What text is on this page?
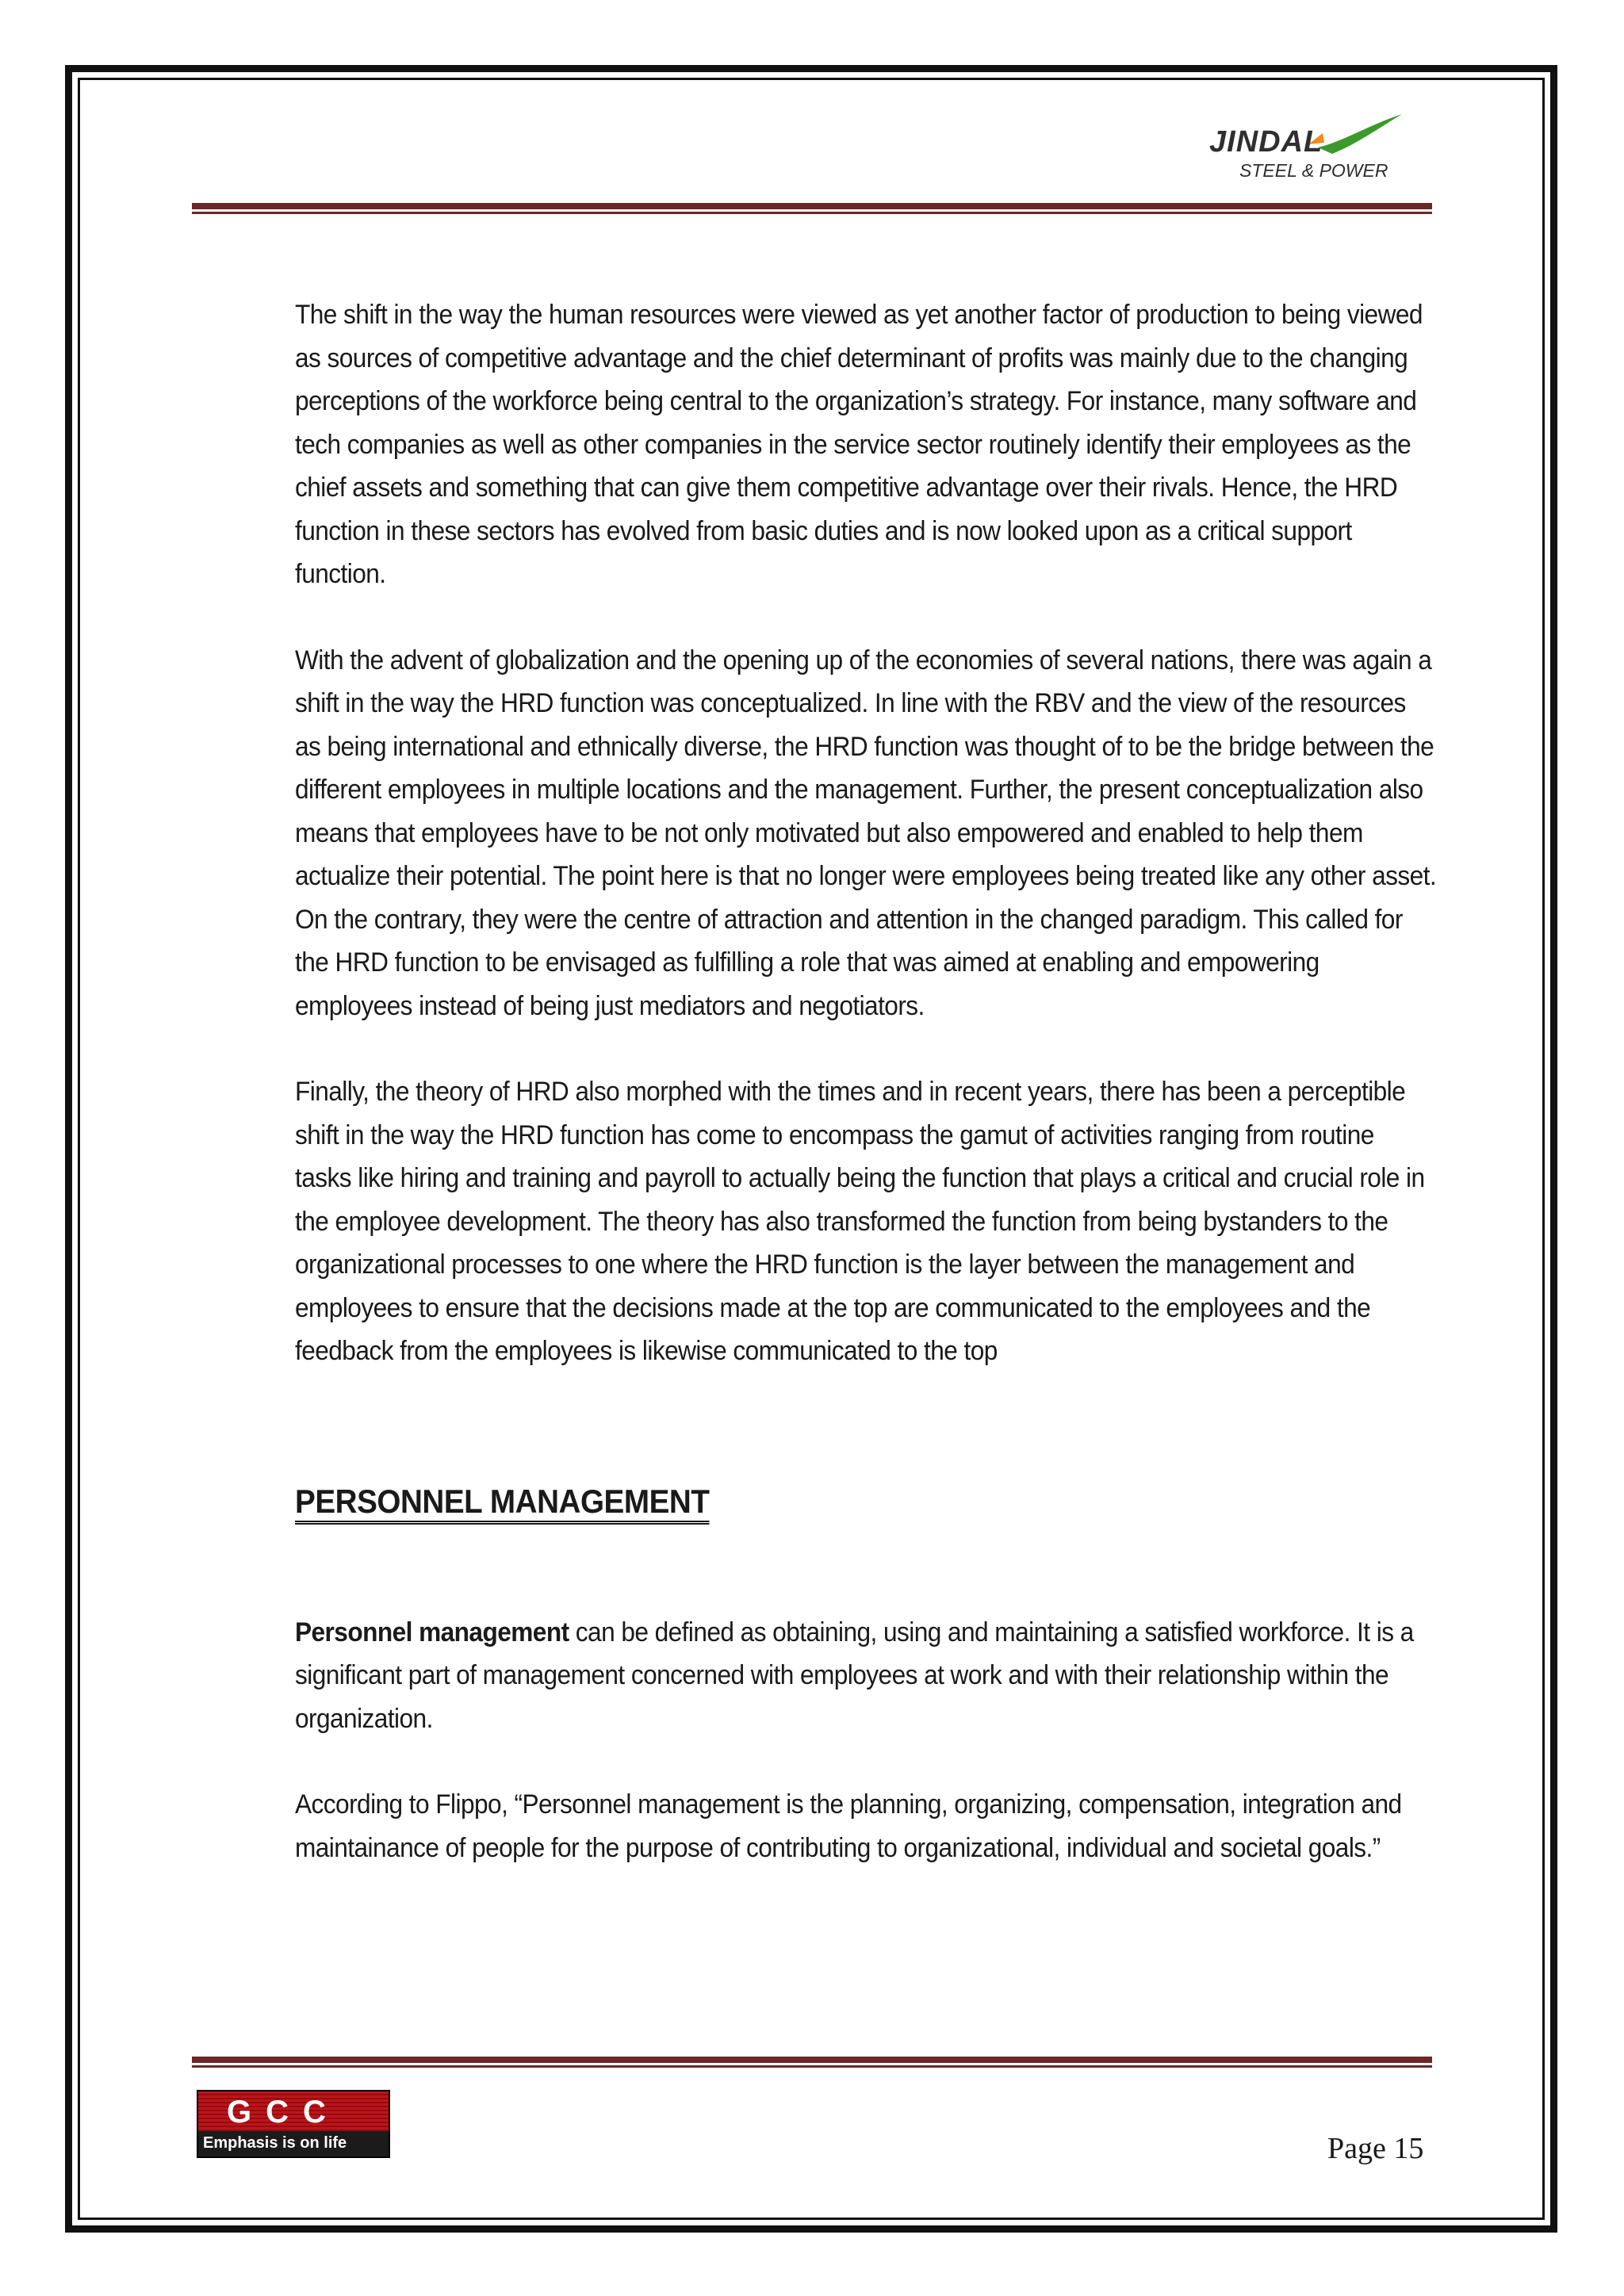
JINDAL
STEEL & POWER

The shift in the way the human resources were viewed as yet another factor of production to being viewed as sources of competitive advantage and the chief determinant of profits was mainly due to the changing perceptions of the workforce being central to the organization’s strategy. For instance, many software and tech companies as well as other companies in the service sector routinely identify their employees as the chief assets and something that can give them competitive advantage over their rivals. Hence, the HRD function in these sectors has evolved from basic duties and is now looked upon as a critical support function.

With the advent of globalization and the opening up of the economies of several nations, there was again a shift in the way the HRD function was conceptualized. In line with the RBV and the view of the resources as being international and ethnically diverse, the HRD function was thought of to be the bridge between the different employees in multiple locations and the management. Further, the present conceptualization also means that employees have to be not only motivated but also empowered and enabled to help them actualize their potential. The point here is that no longer were employees being treated like any other asset. On the contrary, they were the centre of attraction and attention in the changed paradigm. This called for the HRD function to be envisaged as fulfilling a role that was aimed at enabling and empowering employees instead of being just mediators and negotiators.

Finally, the theory of HRD also morphed with the times and in recent years, there has been a perceptible shift in the way the HRD function has come to encompass the gamut of activities ranging from routine tasks like hiring and training and payroll to actually being the function that plays a critical and crucial role in the employee development. The theory has also transformed the function from being bystanders to the organizational processes to one where the HRD function is the layer between the management and employees to ensure that the decisions made at the top are communicated to the employees and the feedback from the employees is likewise communicated to the top

PERSONNEL MANAGEMENT

Personnel management can be defined as obtaining, using and maintaining a satisfied workforce. It is a significant part of management concerned with employees at work and with their relationship within the organization.

According to Flippo, “Personnel management is the planning, organizing, compensation, integration and maintainance of people for the purpose of contributing to organizational, individual and societal goals.”

GCC
Emphasis is on life	Page 15
